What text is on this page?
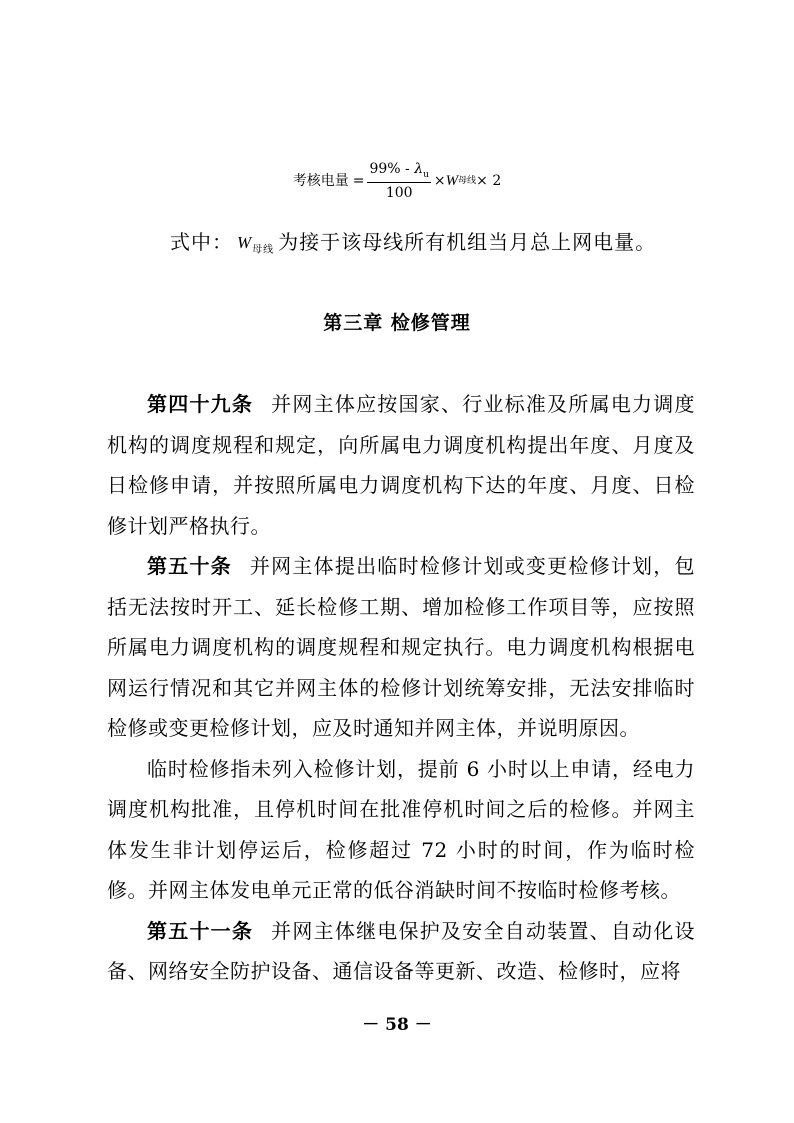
考核电量 = $\frac{99\% - \lambda_u}{100} \times W$ 母线 × 2
式中： $W_{母线}$ 为接于该母线所有机组当月总上网电量。
第三章 检修管理

第四十九条 并网主体应按国家、行业标准及所属电力调度机构的调度规程和规定，向所属电力调度机构提出年度、月度及日检修申请，并按照所属电力调度机构下达的年度、月度、日检修计划严格执行。

第五十条 并网主体提出临时检修计划或变更检修计划，包括无法按时开工、延长检修工期、增加检修工作项目等，应按照所属电力调度机构的调度规程和规定执行。电力调度机构根据电网运行情况和其它并网主体的检修计划统筹安排，无法安排临时检修或变更检修计划，应及时通知并网主体，并说明原因。

临时检修指未列入检修计划，提前 6 小时以上申请，经电力调度机构批准，且停机时间在批准停机时间之后的检修。并网主体发生非计划停运后，检修超过 72 小时的时间，作为临时检修。并网主体发电单元正常的低谷消缺时间不按临时检修考核。

第五十一条 并网主体继电保护及安全自动装置、自动化设备、网络安全防护设备、通信设备等更新、改造、检修时，应将

－ 58 －
